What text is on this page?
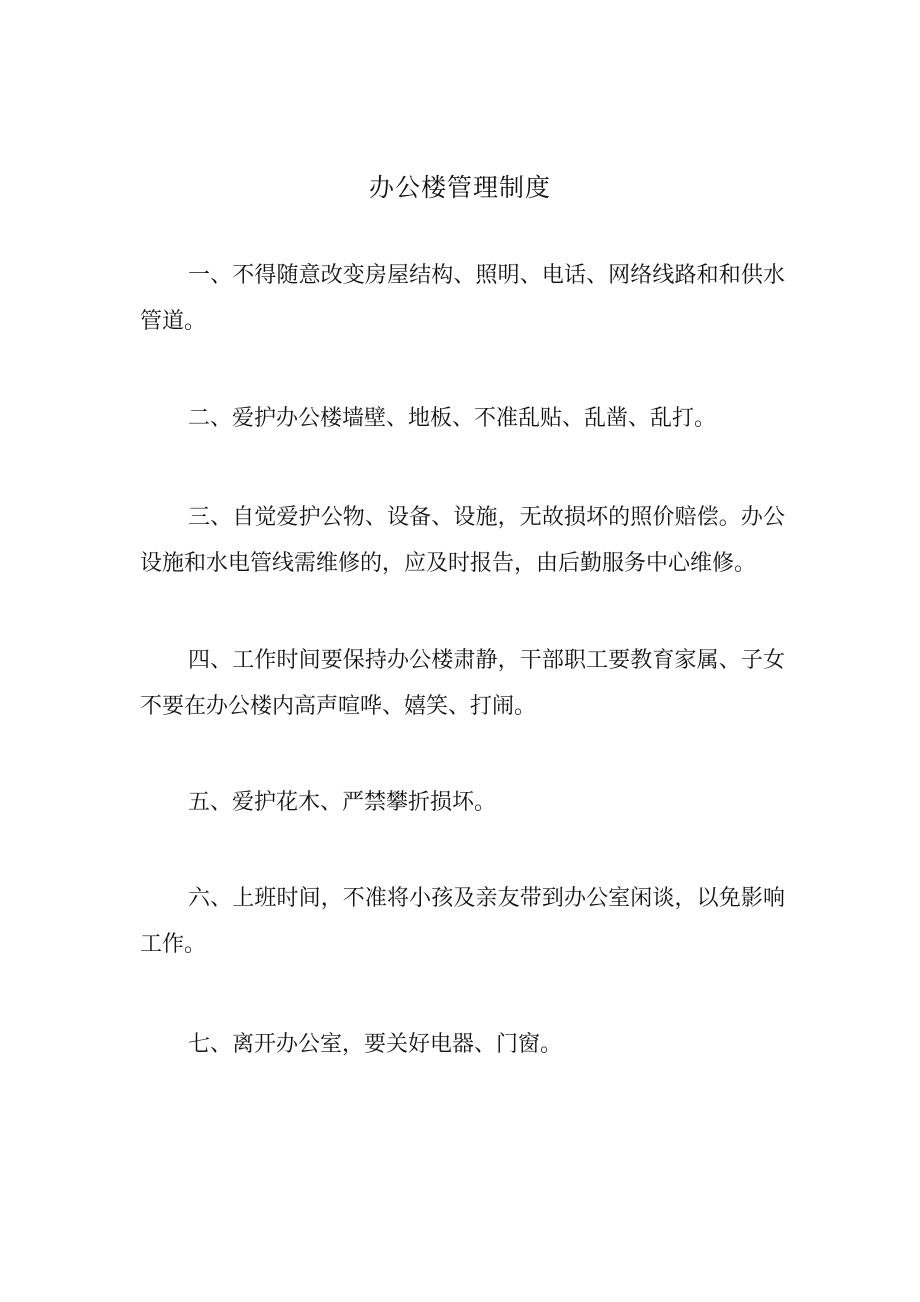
办公楼管理制度

一、不得随意改变房屋结构、照明、电话、网络线路和和供水管道。

二、爱护办公楼墙壁、地板、不准乱贴、乱凿、乱打。

三、自觉爱护公物、设备、设施，无故损坏的照价赔偿。办公设施和水电管线需维修的，应及时报告，由后勤服务中心维修。

四、工作时间要保持办公楼肃静，干部职工要教育家属、子女不要在办公楼内高声喧哗、嬉笑、打闹。

五、爱护花木、严禁攀折损坏。

六、上班时间，不准将小孩及亲友带到办公室闲谈，以免影响工作。

七、离开办公室，要关好电器、门窗。
